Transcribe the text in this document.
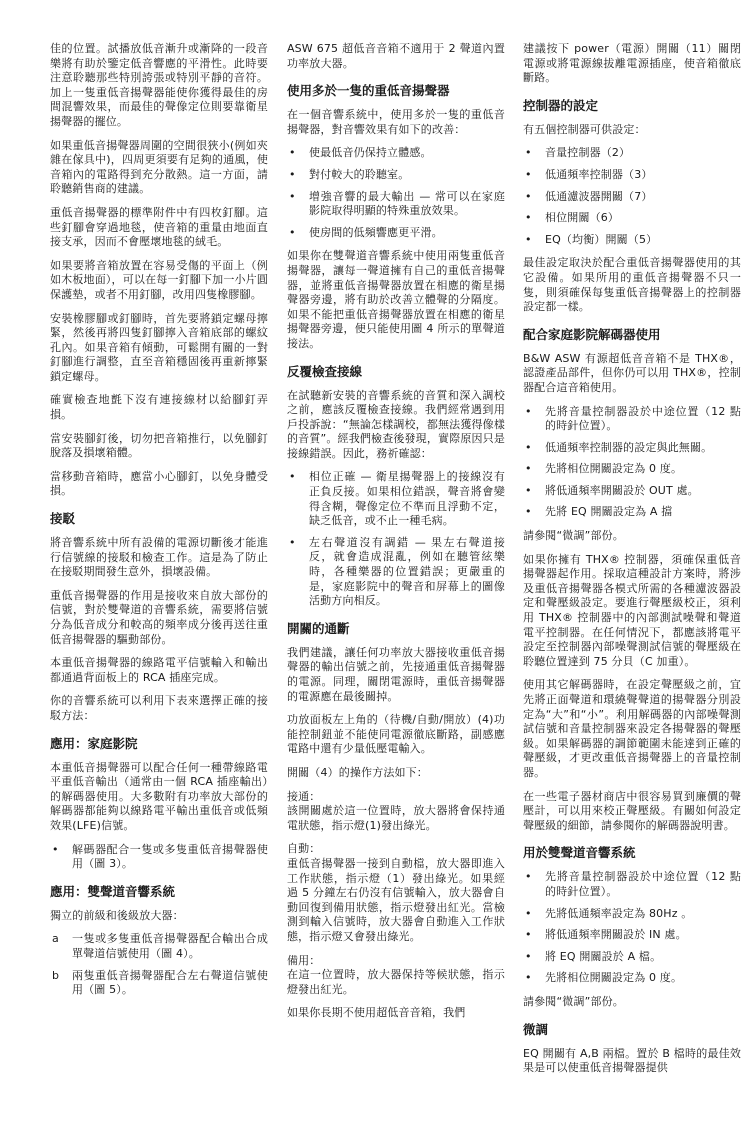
佳的位置。試播放低音漸升或漸降的一段音樂將有助於鑒定低音響應的平滑性。此時要注意聆聽那些特別誇張或特別平靜的音符。加上一隻重低音揚聲器能使你獲得最佳的房間混響效果，而最佳的聲像定位則要靠衛星揚聲器的擺位。

如果重低音揚聲器周圍的空間很狹小(例如夾雜在傢具中)，四周更須要有足夠的通風，使音箱內的電路得到充分散熱。這一方面，請聆聽銷售商的建議。

重低音揚聲器的標準附件中有四枚釘腳。這些釘腳會穿過地毯，使音箱的重量由地面直接支承，因而不會壓壞地毯的絨毛。

如果要將音箱放置在容易受傷的平面上（例如木板地面），可以在每一釘腳下加一小片圓保護墊，或者不用釘腳，改用四隻橡膠腳。

安裝橡膠腳或釘腳時，首先要將鎖定螺母擰緊，然後再將四隻釘腳擰入音箱底部的螺紋孔內。如果音箱有傾動，可鬆開有關的一對釘腳進行調整，直至音箱穩固後再重新擰緊鎖定螺母。

確實檢查地氈下沒有連接線材以給腳釘弄損。

當安裝腳釘後，切勿把音箱推行，以免腳釘脫落及損壞箱體。

當移動音箱時，應當小心腳釘，以免身體受損。

接駁

將音響系統中所有設備的電源切斷後才能進行信號線的接駁和檢查工作。這是為了防止在接駁期間發生意外，損壞設備。

重低音揚聲器的作用是接收來自放大部份的信號，對於雙聲道的音響系統，需要將信號分為低音成分和較高的頻率成分後再送往重低音揚聲器的驅動部份。

本重低音揚聲器的線路電平信號輸入和輸出都通過背面板上的 RCA 插座完成。

你的音響系統可以利用下表來選擇正確的接駁方法：

應用：家庭影院

本重低音揚聲器可以配合任何一種帶線路電平重低音輸出（通常由一個 RCA 插座輸出）的解碼器使用。大多數附有功率放大部份的解碼器都能夠以線路電平輸出重低音或低頻效果(LFE)信號。

• 解碼器配合一隻或多隻重低音揚聲器使用（圖 3）。
應用：雙聲道音響系統

獨立的前級和後級放大器：

a 一隻或多隻重低音揚聲器配合輸出合成單聲道信號使用（圖 4）。
b 兩隻重低音揚聲器配合左右聲道信號使用（圖 5）。

ASW 675 超低音音箱不適用于 2 聲道內置功率放大器。

使用多於一隻的重低音揚聲器

在一個音響系統中，使用多於一隻的重低音揚聲器，對音響效果有如下的改善：

• 使最低音仍保持立體感。
• 對付較大的聆聽室。
• 增強音響的最大輸出 — 常可以在家庭影院取得明顯的特殊重放效果。
• 使房間的低頻響應更平滑。

如果你在雙聲道音響系統中使用兩隻重低音揚聲器，讓每一聲道擁有自己的重低音揚聲器，並將重低音揚聲器放置在相應的衛星揚聲器旁邊，將有助於改善立體聲的分隔度。如果不能把重低音揚聲器放置在相應的衛星揚聲器旁邊，便只能使用圖 4 所示的單聲道接法。

反覆檢查接線

在試聽新安裝的音響系統的音質和深入調校之前，應該反覆檢查接線。我們經常遇到用戶投訴說：“無論怎樣調校，都無法獲得像樣的音質”。經我們檢查後發現，實際原因只是接線錯誤。因此，務祈確認：

• 相位正確 — 衛星揚聲器上的接線沒有正負反接。如果相位錯誤，聲音將會變得含糊，聲像定位不準而且浮動不定，缺乏低音，或不止一種毛病。
• 左右聲道沒有調錯 — 果左右聲道接反，就會造成混亂，例如在聽管絃樂時，各種樂器的位置錯誤；更嚴重的是，家庭影院中的聲音和屏幕上的圖像活動方向相反。
開關的通斷

我們建議，讓任何功率放大器接收重低音揚聲器的輸出信號之前，先接通重低音揚聲器的電源。同理，關閉電源時，重低音揚聲器的電源應在最後關掉。

功放面板左上角的（待機/自動/開放）(4)功能控制鈕並不能使同電源徹底斷路，副感應電路中還有少量低壓電輸入。

開關（4）的操作方法如下：

接通：
該開關處於這一位置時，放大器將會保持通電狀態，指示燈(1)發出綠光。
自動：
重低音揚聲器一接到自動檔，放大器即進入工作狀態，指示燈（1）發出綠光。如果經過 5 分鐘左右仍沒有信號輸入，放大器會自動回復到備用狀態，指示燈發出紅光。當檢測到輸入信號時，放大器會自動進入工作狀態，指示燈又會發出綠光。
備用：
在這一位置時，放大器保持等候狀態，指示燈發出紅光。

如果你長期不使用超低音音箱，我們

建議按下 power（電源）開關（11）關閉電源或將電源線拔離電源插座，使音箱徹底斷路。

控制器的設定

有五個控制器可供設定：

• 音量控制器（2）
• 低通頻率控制器（3）
• 低通濾波器開關（7）
• 相位開關（6）
• EQ（均衡）開關（5）

最佳設定取決於配合重低音揚聲器使用的其它設備。如果所用的重低音揚聲器不只一隻，則須確保每隻重低音揚聲器上的控制器設定都一樣。

配合家庭影院解碼器使用

B&W ASW 有源超低音音箱不是 THX®，認證產品部件，但你仍可以用 THX®，控制器配合這音箱使用。

• 先將音量控制器設於中途位置（12 點的時針位置）。
• 低通頻率控制器的設定與此無關。
• 先將相位開關設定為 0 度。
• 將低通頻率開關設於 OUT 處。
• 先將 EQ 開關設定為 A 擋

請參閱“微調”部份。

如果你擁有 THX® 控制器，須確保重低音揚聲器起作用。採取這種設計方案時，將涉及重低音揚聲器各模式所需的各種濾波器設定和聲壓級設定。要進行聲壓級校正，須利用 THX® 控制器中的內部測試噪聲和聲道電平控制器。在任何情況下，都應該將電平設定至控制器內部噪聲測試信號的聲壓級在聆聽位置達到 75 分貝（C 加重）。

使用其它解碼器時，在設定聲壓級之前，宜先將正面聲道和環繞聲聲道的揚聲器分別設定為“大”和“小”。利用解碼器的內部噪聲測試信號和音量控制器來設定各揚聲器的聲壓級。如果解碼器的調節範圍未能達到正確的聲壓級，才更改重低音揚聲器上的音量控制器。

在一些電子器材商店中很容易買到廉價的聲壓計，可以用來校正聲壓級。有關如何設定聲壓級的細節，請參閱你的解碼器說明書。

用於雙聲道音響系統
• 先將音量控制器設於中途位置（12 點的時針位置）。
• 先將低通頻率設定為 80Hz 。
• 將低通頻率開關設於 IN 處。
• 將 EQ 開關設於 A 檔。
• 先將相位開關設定為 0 度。

請參閱“微調”部份。

微調

EQ 開關有 A,B 兩檔。置於 B 檔時的最佳效果是可以使重低音揚聲器提供
